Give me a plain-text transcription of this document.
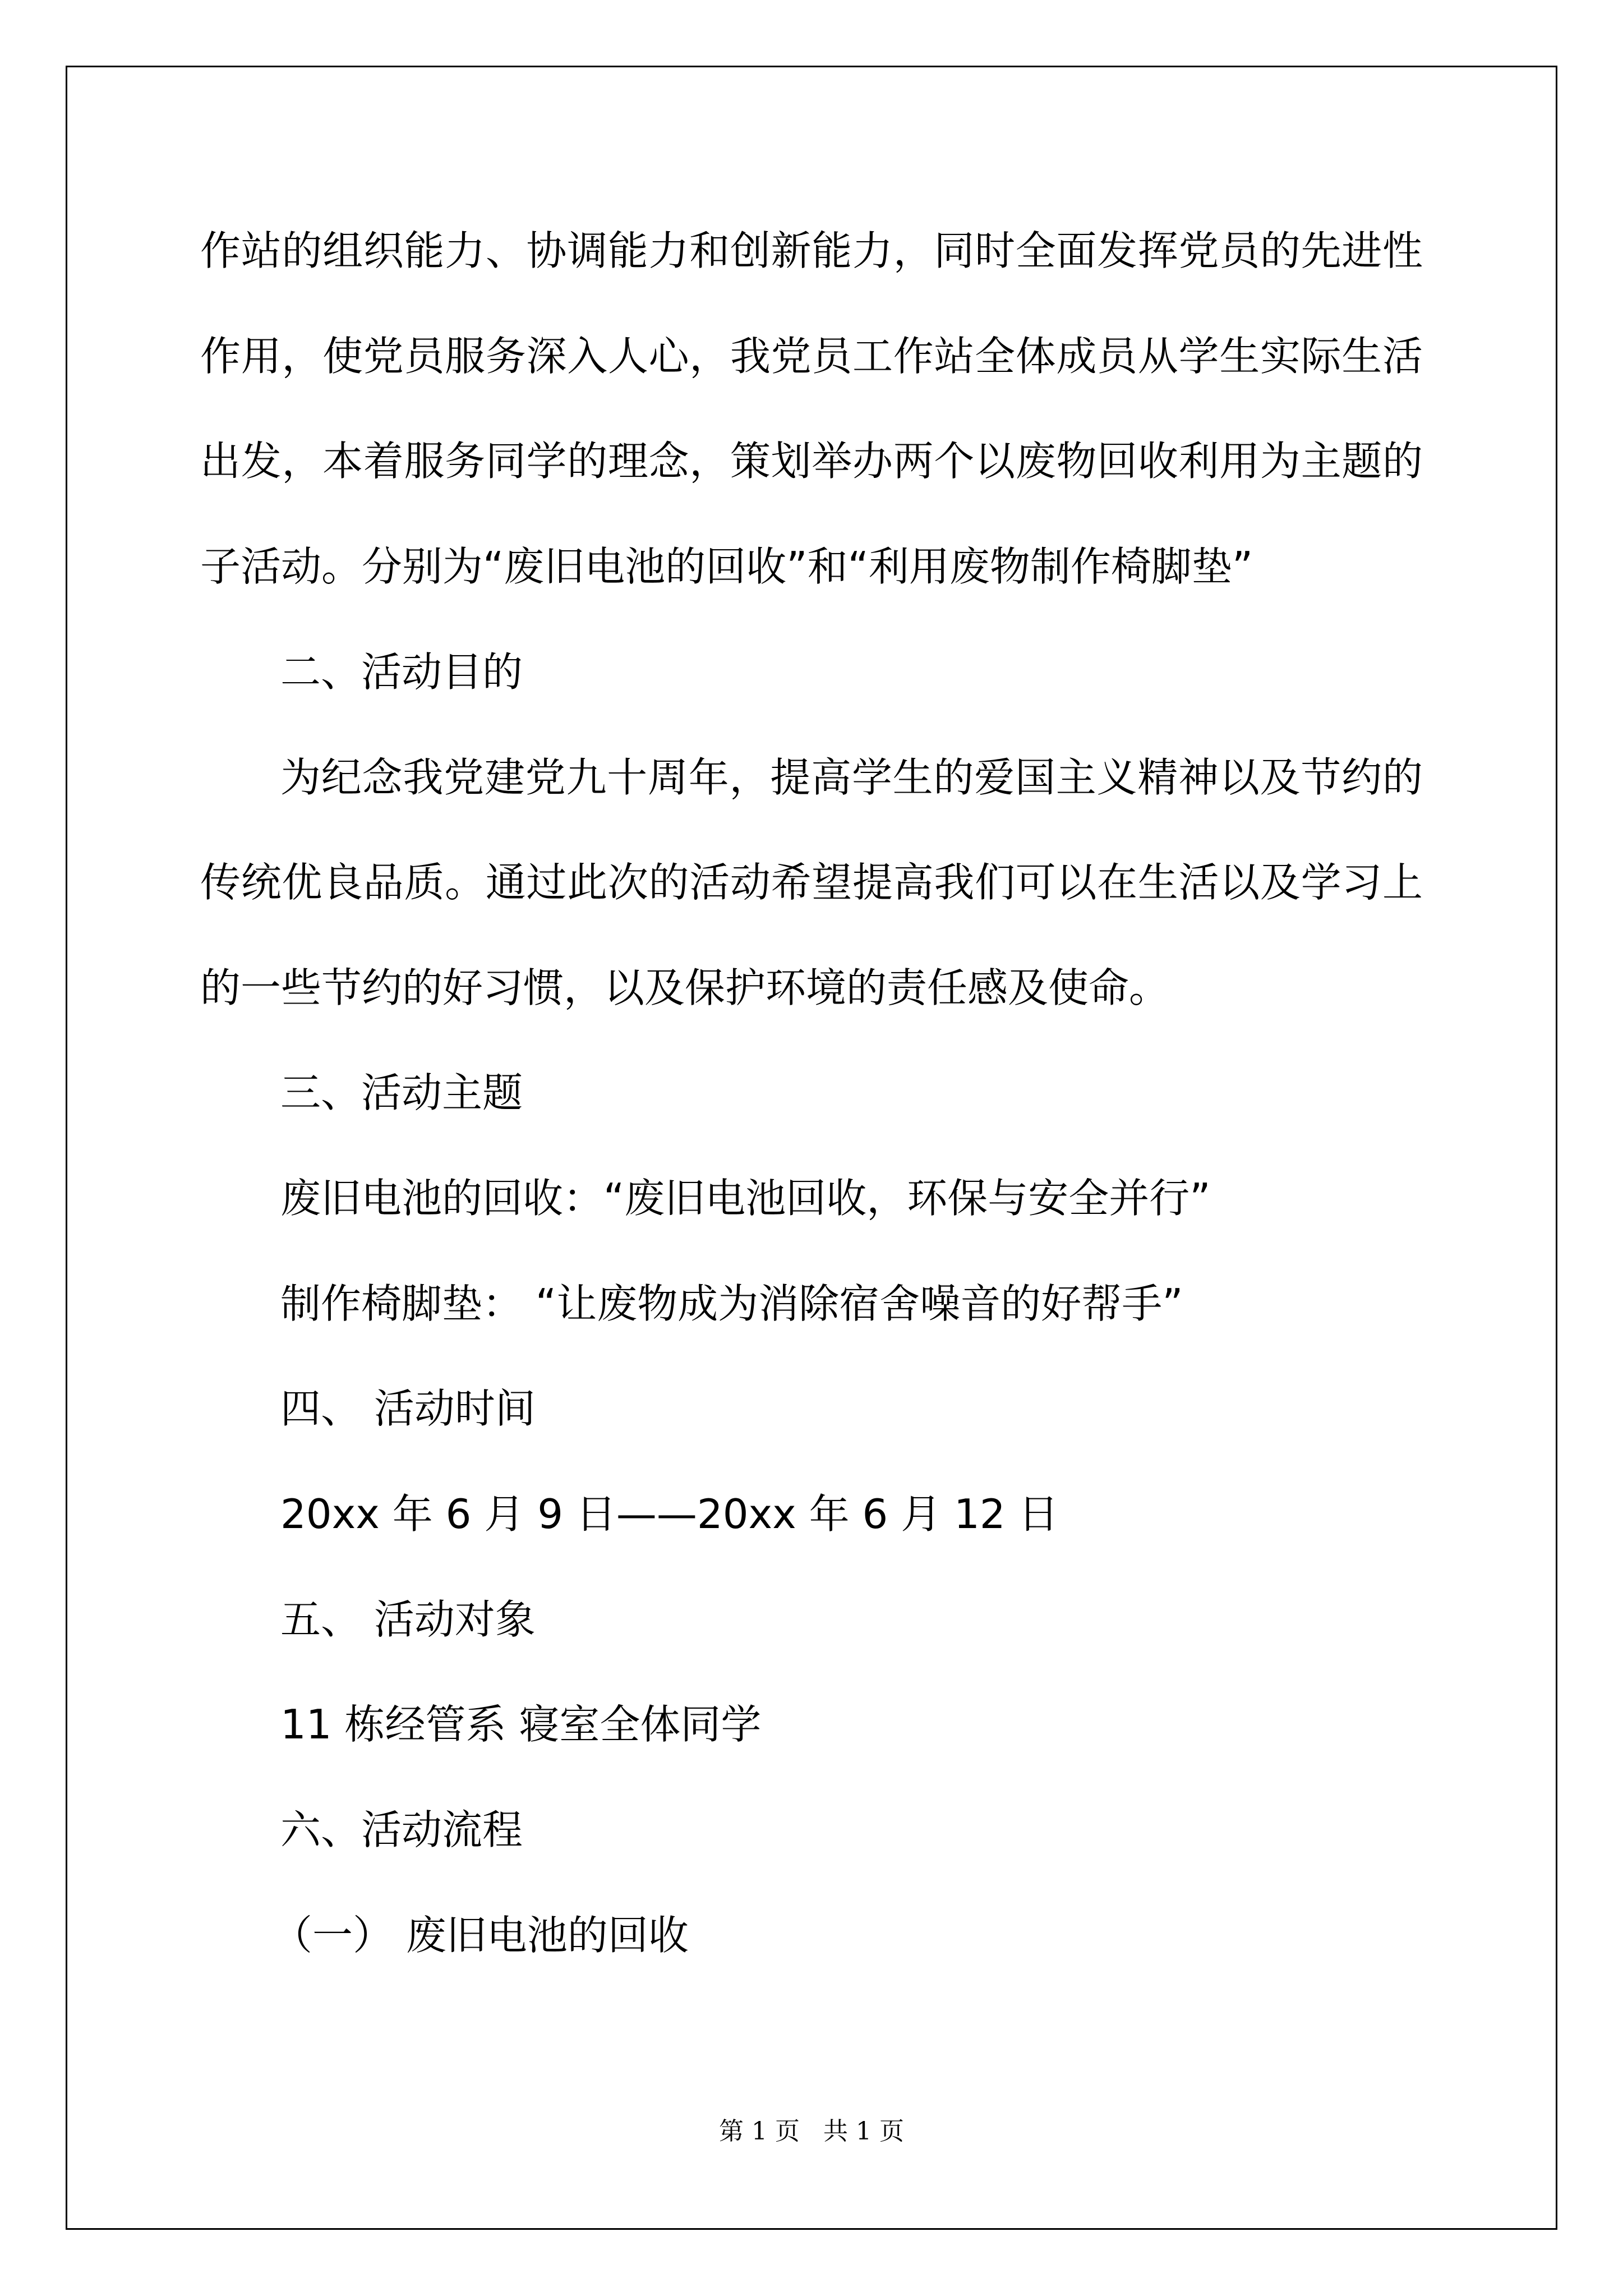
作站的组织能力、协调能力和创新能力，同时全面发挥党员的先进性
作用，使党员服务深入人心，我党员工作站全体成员从学生实际生活
出发，本着服务同学的理念，策划举办两个以废物回收利用为主题的
子活动。分别为“废旧电池的回收”和“利用废物制作椅脚垫”
二、活动目的
为纪念我党建党九十周年，提高学生的爱国主义精神以及节约的
传统优良品质。通过此次的活动希望提高我们可以在生活以及学习上
的一些节约的好习惯，以及保护环境的责任感及使命。
三、活动主题
废旧电池的回收：“废旧电池回收，环保与安全并行”
制作椅脚垫： “让废物成为消除宿舍噪音的好帮手”
四、 活动时间
20xx 年 6 月 9 日——20xx 年 6 月 12 日
五、 活动对象
11 栋经管系 寝室全体同学
六、活动流程
（一） 废旧电池的回收
第 1 页   共 1 页
